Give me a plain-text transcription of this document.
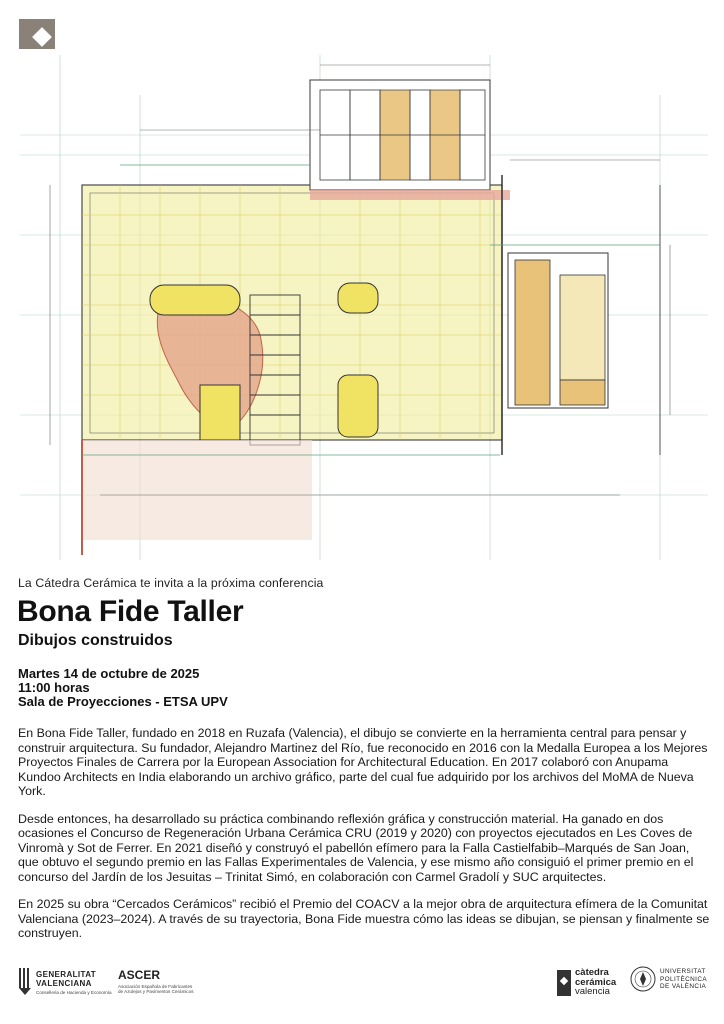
La Cátedra Cerámica te invita a la próxima conferencia
Bona Fide Taller
Dibujos construidos
Martes 14 de octubre de 2025
11:00 horas
Sala de Proyecciones - ETSA UPV

En Bona Fide Taller, fundado en 2018 en Ruzafa (Valencia), el dibujo se convierte en la herramienta central para pensar y construir arquitectura. Su fundador, Alejandro Martinez del Río, fue reconocido en 2016 con la Medalla Europea a los Mejores Proyectos Finales de Carrera por la European Association for Architectural Education. En 2017 colaboró con Anupama Kundoo Architects en India elaborando un archivo gráfico, parte del cual fue adquirido por los archivos del MoMA de Nueva York.

Desde entonces, ha desarrollado su práctica combinando reflexión gráfica y construcción material. Ha ganado en dos ocasiones el Concurso de Regeneración Urbana Cerámica CRU (2019 y 2020) con proyectos ejecutados en Les Coves de Vinromà y Sot de Ferrer. En 2021 diseñó y construyó el pabellón efímero para la Falla Castielfabib–Marqués de San Joan, que obtuvo el segundo premio en las Fallas Experimentales de Valencia, y ese mismo año consiguió el primer premio en el concurso del Jardín de los Jesuitas – Trinitat Simó, en colaboración con Carmel Gradolí y SUC arquitectes.

En 2025 su obra “Cercados Cerámicos” recibió el Premio del COACV a la mejor obra de arquitectura efímera de la Comunitat Valenciana (2023–2024). A través de su trayectoria, Bona Fide muestra cómo las ideas se dibujan, se piensan y finalmente se construyen.

GENERALITAT
VALENCIANA
Conselleria de Hacienda y Economía
ASCER
Asociación Española de Fabricantes de Azulejos y Pavimentos Cerámicos
càtedra
cerámica
valencia
UNIVERSITAT
POLITÈCNICA
DE VALÈNCIA
